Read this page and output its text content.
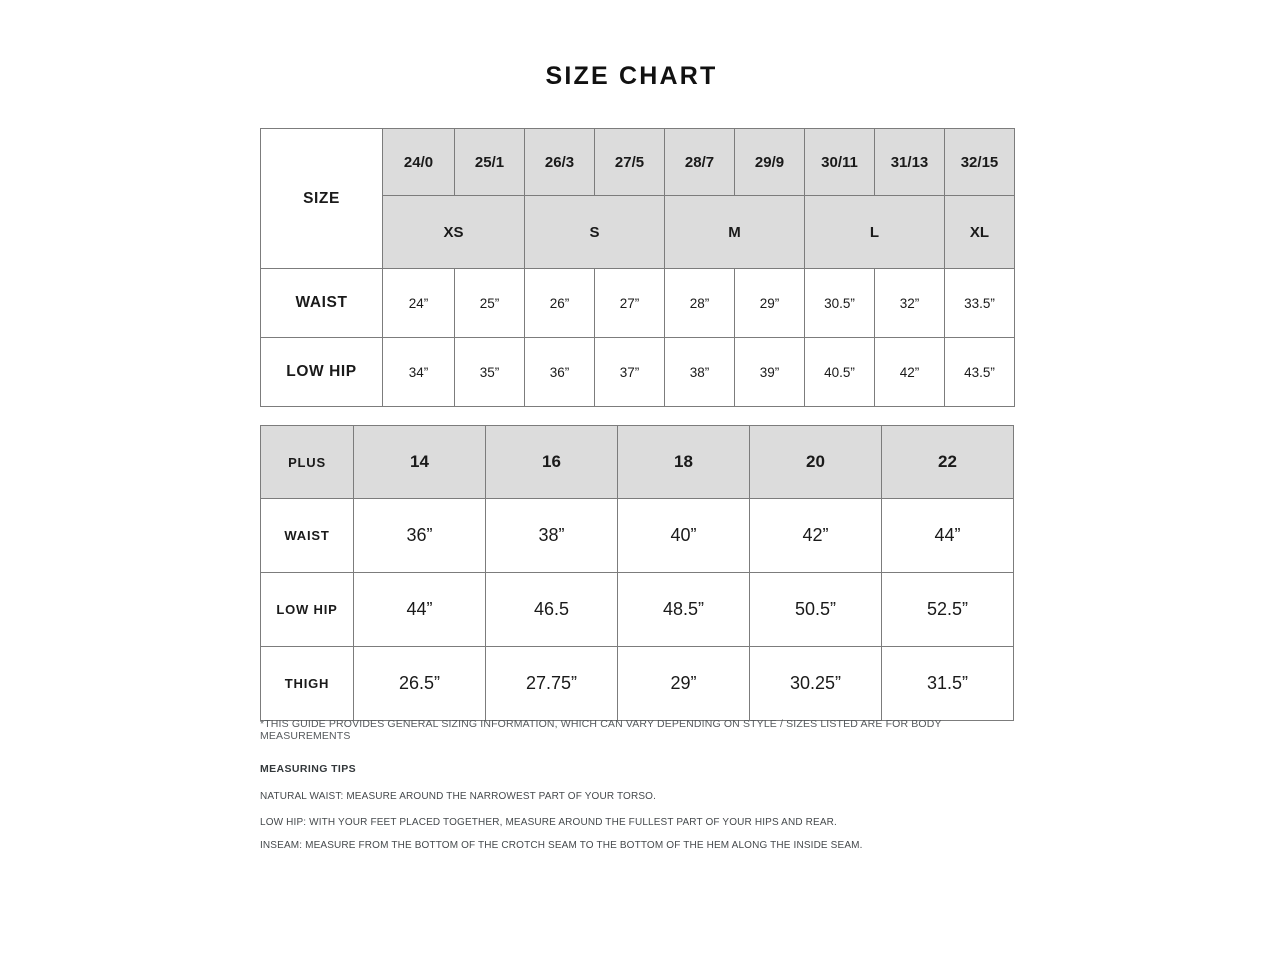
SIZE CHART
SIZE	24/0	25/1	26/3	27/5	28/7	29/9	30/11	31/13	32/15
	XS		S		M		L		XL
WAIST	24”	25”	26”	27”	28”	29”	30.5”	32”	33.5”
LOW HIP	34”	35”	36”	37”	38”	39”	40.5”	42”	43.5”
PLUS	14	16	18	20	22
WAIST	36”	38”	40”	42”	44”
LOW HIP	44”	46.5	48.5”	50.5”	52.5”
THIGH	26.5”	27.75”	29”	30.25”	31.5”
*THIS GUIDE PROVIDES GENERAL SIZING INFORMATION, WHICH CAN VARY DEPENDING ON STYLE / SIZES LISTED ARE FOR BODY MEASUREMENTS
MEASURING TIPS
NATURAL WAIST: MEASURE AROUND THE NARROWEST PART OF YOUR TORSO.
LOW HIP: WITH YOUR FEET PLACED TOGETHER, MEASURE AROUND THE FULLEST PART OF YOUR HIPS AND REAR.
INSEAM: MEASURE FROM THE BOTTOM OF THE CROTCH SEAM TO THE BOTTOM OF THE HEM ALONG THE INSIDE SEAM.
